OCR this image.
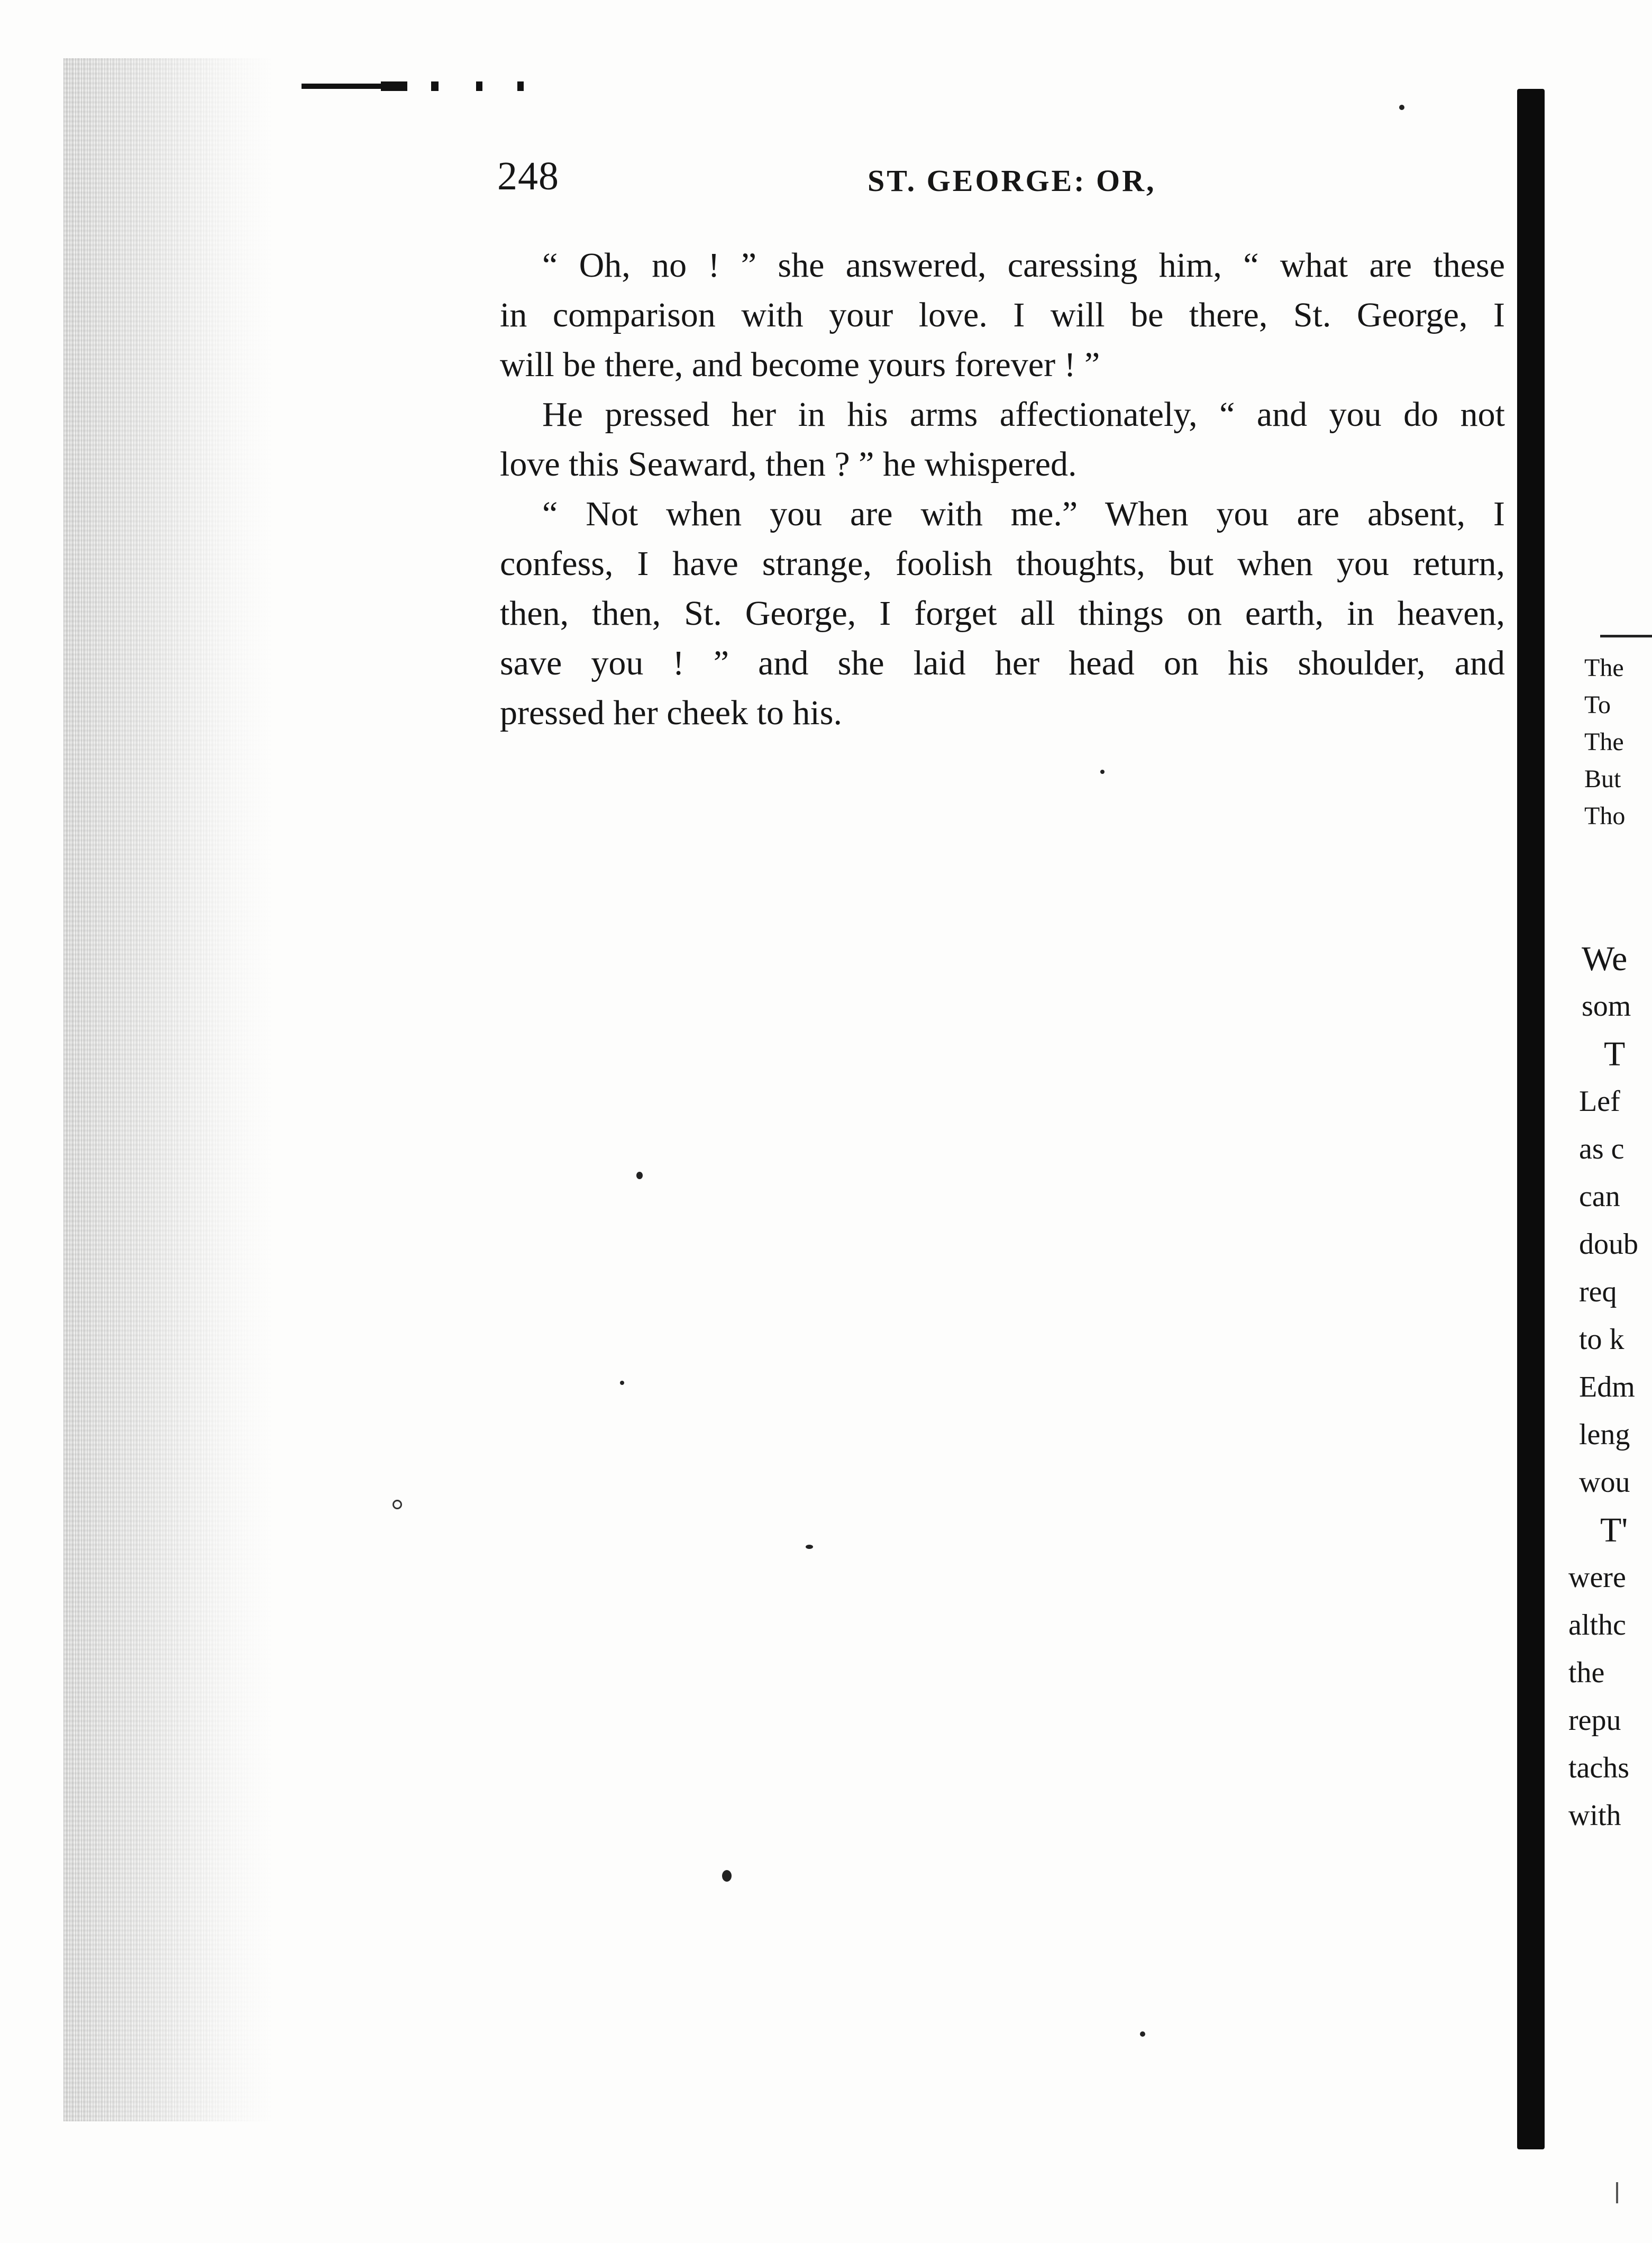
248	ST. GEORGE: OR,
“ Oh, no ! ” she answered, caressing him, “ what are these
in comparison with your love. I will be there, St. George, I
will be there, and become yours forever ! ”
He pressed her in his arms affectionately, “ and you do not
love this Seaward, then ? ” he whispered.
“ Not when you are with me.” When you are absent, I
confess, I have strange, foolish thoughts, but when you return,
then, then, St. George, I forget all things on earth, in heaven,
save you ! ” and she laid her head on his shoulder, and
pressed her cheek to his.
The
To
The
But
Tho
We
som
T
Lef
as c
can
doub
req
to k
Edm
leng
wou
T'
were
althc
the
repu
tachs
with
